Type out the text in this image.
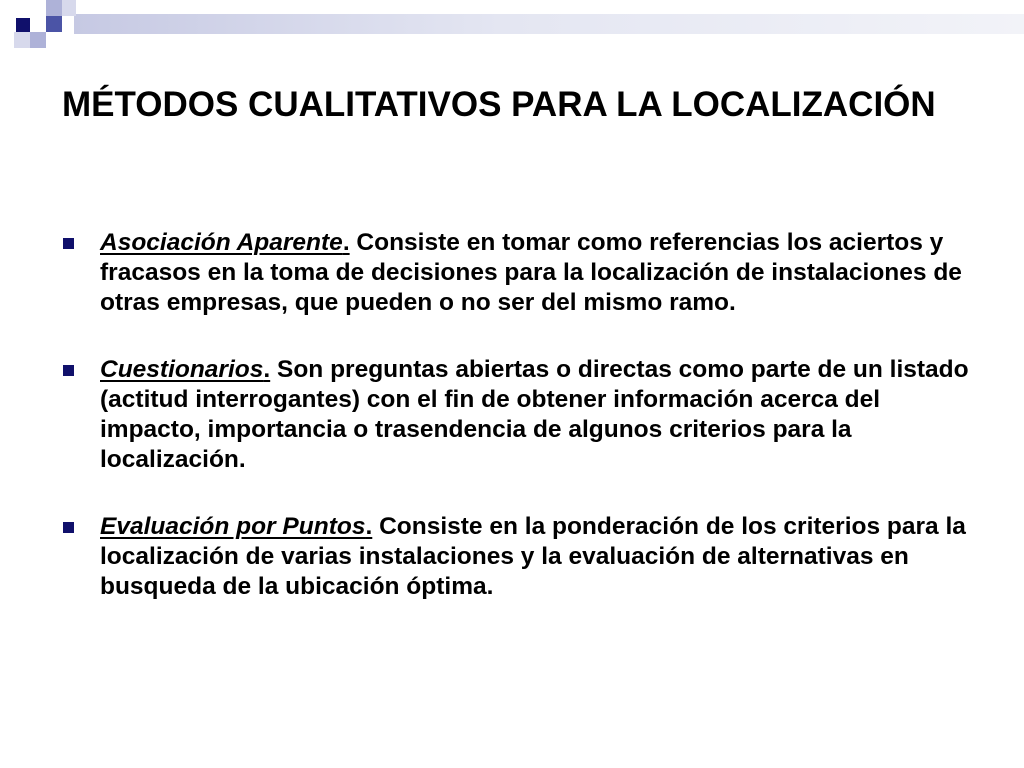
MÉTODOS CUALITATIVOS PARA LA LOCALIZACIÓN
Asociación Aparente. Consiste en tomar como referencias los aciertos y fracasos en la toma de decisiones para la localización de instalaciones de otras empresas, que pueden o no ser del mismo ramo.
Cuestionarios. Son preguntas abiertas o directas como parte de un listado (actitud interrogantes) con el fin de obtener información acerca del impacto, importancia o trasendencia de algunos criterios para la localización.
Evaluación por Puntos. Consiste en la ponderación de los criterios para la localización de varias instalaciones y la evaluación de alternativas en busqueda de la ubicación óptima.
